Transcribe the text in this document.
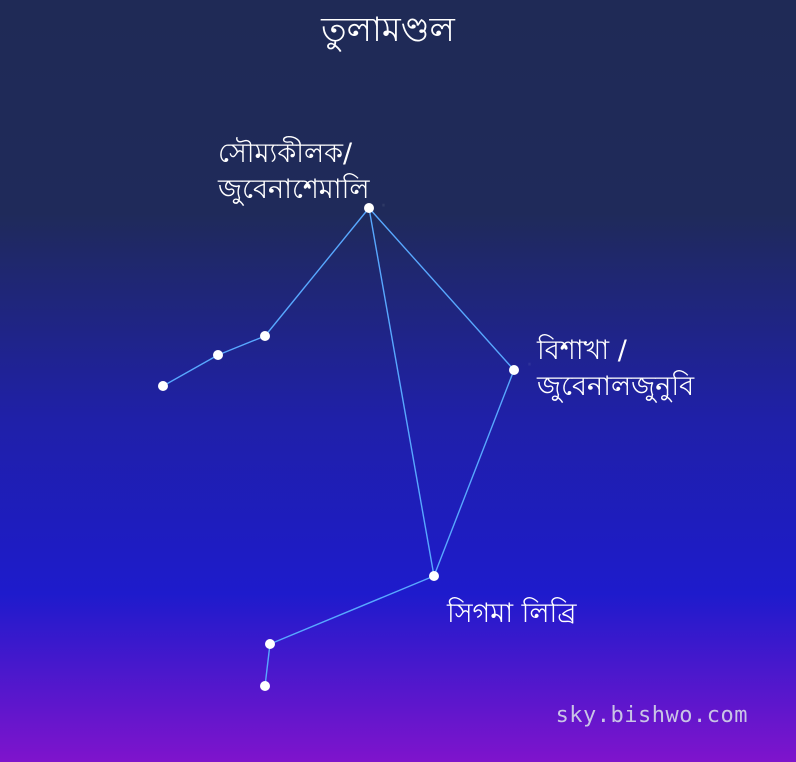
·
·
তুলামণ্ডল
সৌম্যকীলক/
জুবেনাশেমালি
বিশাখা /
জুবেনালজুনুবি
সিগমা লিব্রি
sky.bishwo.com
